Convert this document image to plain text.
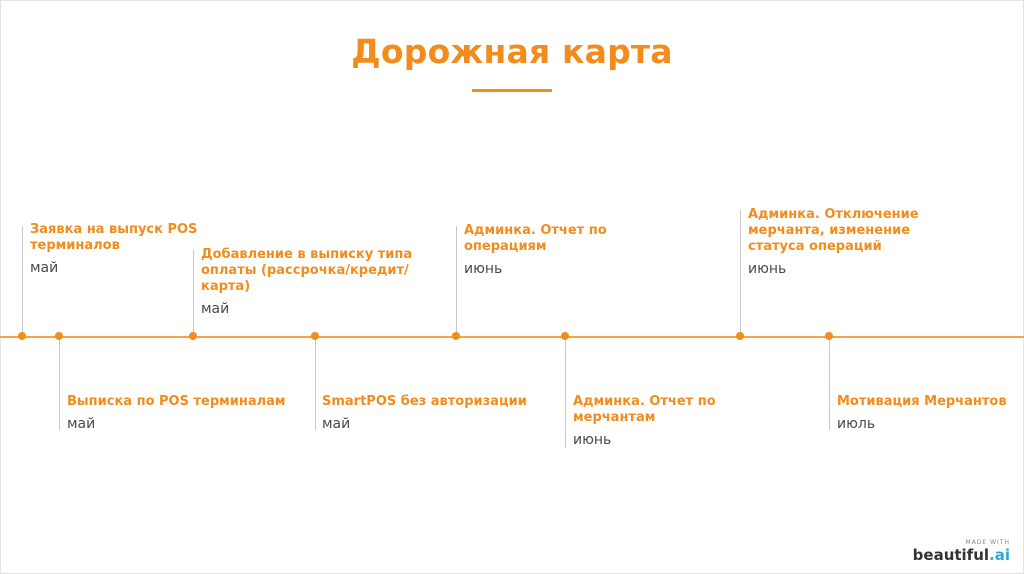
Дорожная карта
Заявка на выпуск POS терминалов
май
Выписка по POS терминалам
май
Добавление в выписку типа оплаты (рассрочка/кредит/карта)
май
SmartPOS без авторизации
май
Админка. Отчет по операциям
июнь
Админка. Отчет по мерчантам
июнь
Админка. Отключение мерчанта, изменение статуса операций
июнь
Мотивация Мерчантов
июль
MADE WITH
beautiful.ai
